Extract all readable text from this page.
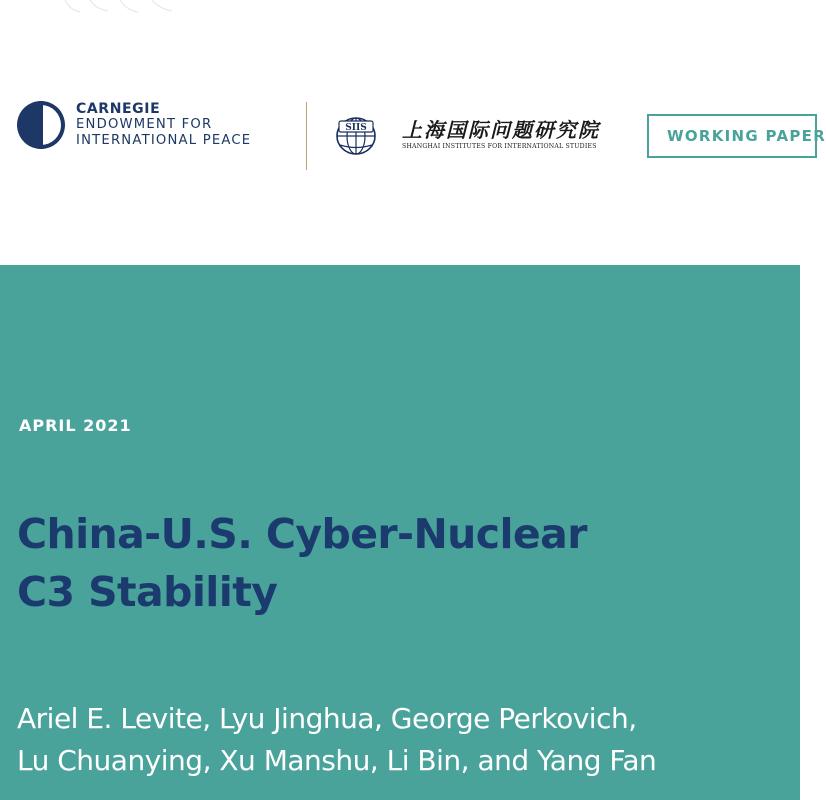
CARNEGIE
ENDOWMENT FOR
INTERNATIONAL PEACE
SIIS 上海国际问题研究院
SHANGHAI INSTITUTES FOR INTERNATIONAL STUDIES
WORKING PAPER
APRIL 2021
China-U.S. Cyber-Nuclear
C3 Stability
Ariel E. Levite, Lyu Jinghua, George Perkovich,
Lu Chuanying, Xu Manshu, Li Bin, and Yang Fan
